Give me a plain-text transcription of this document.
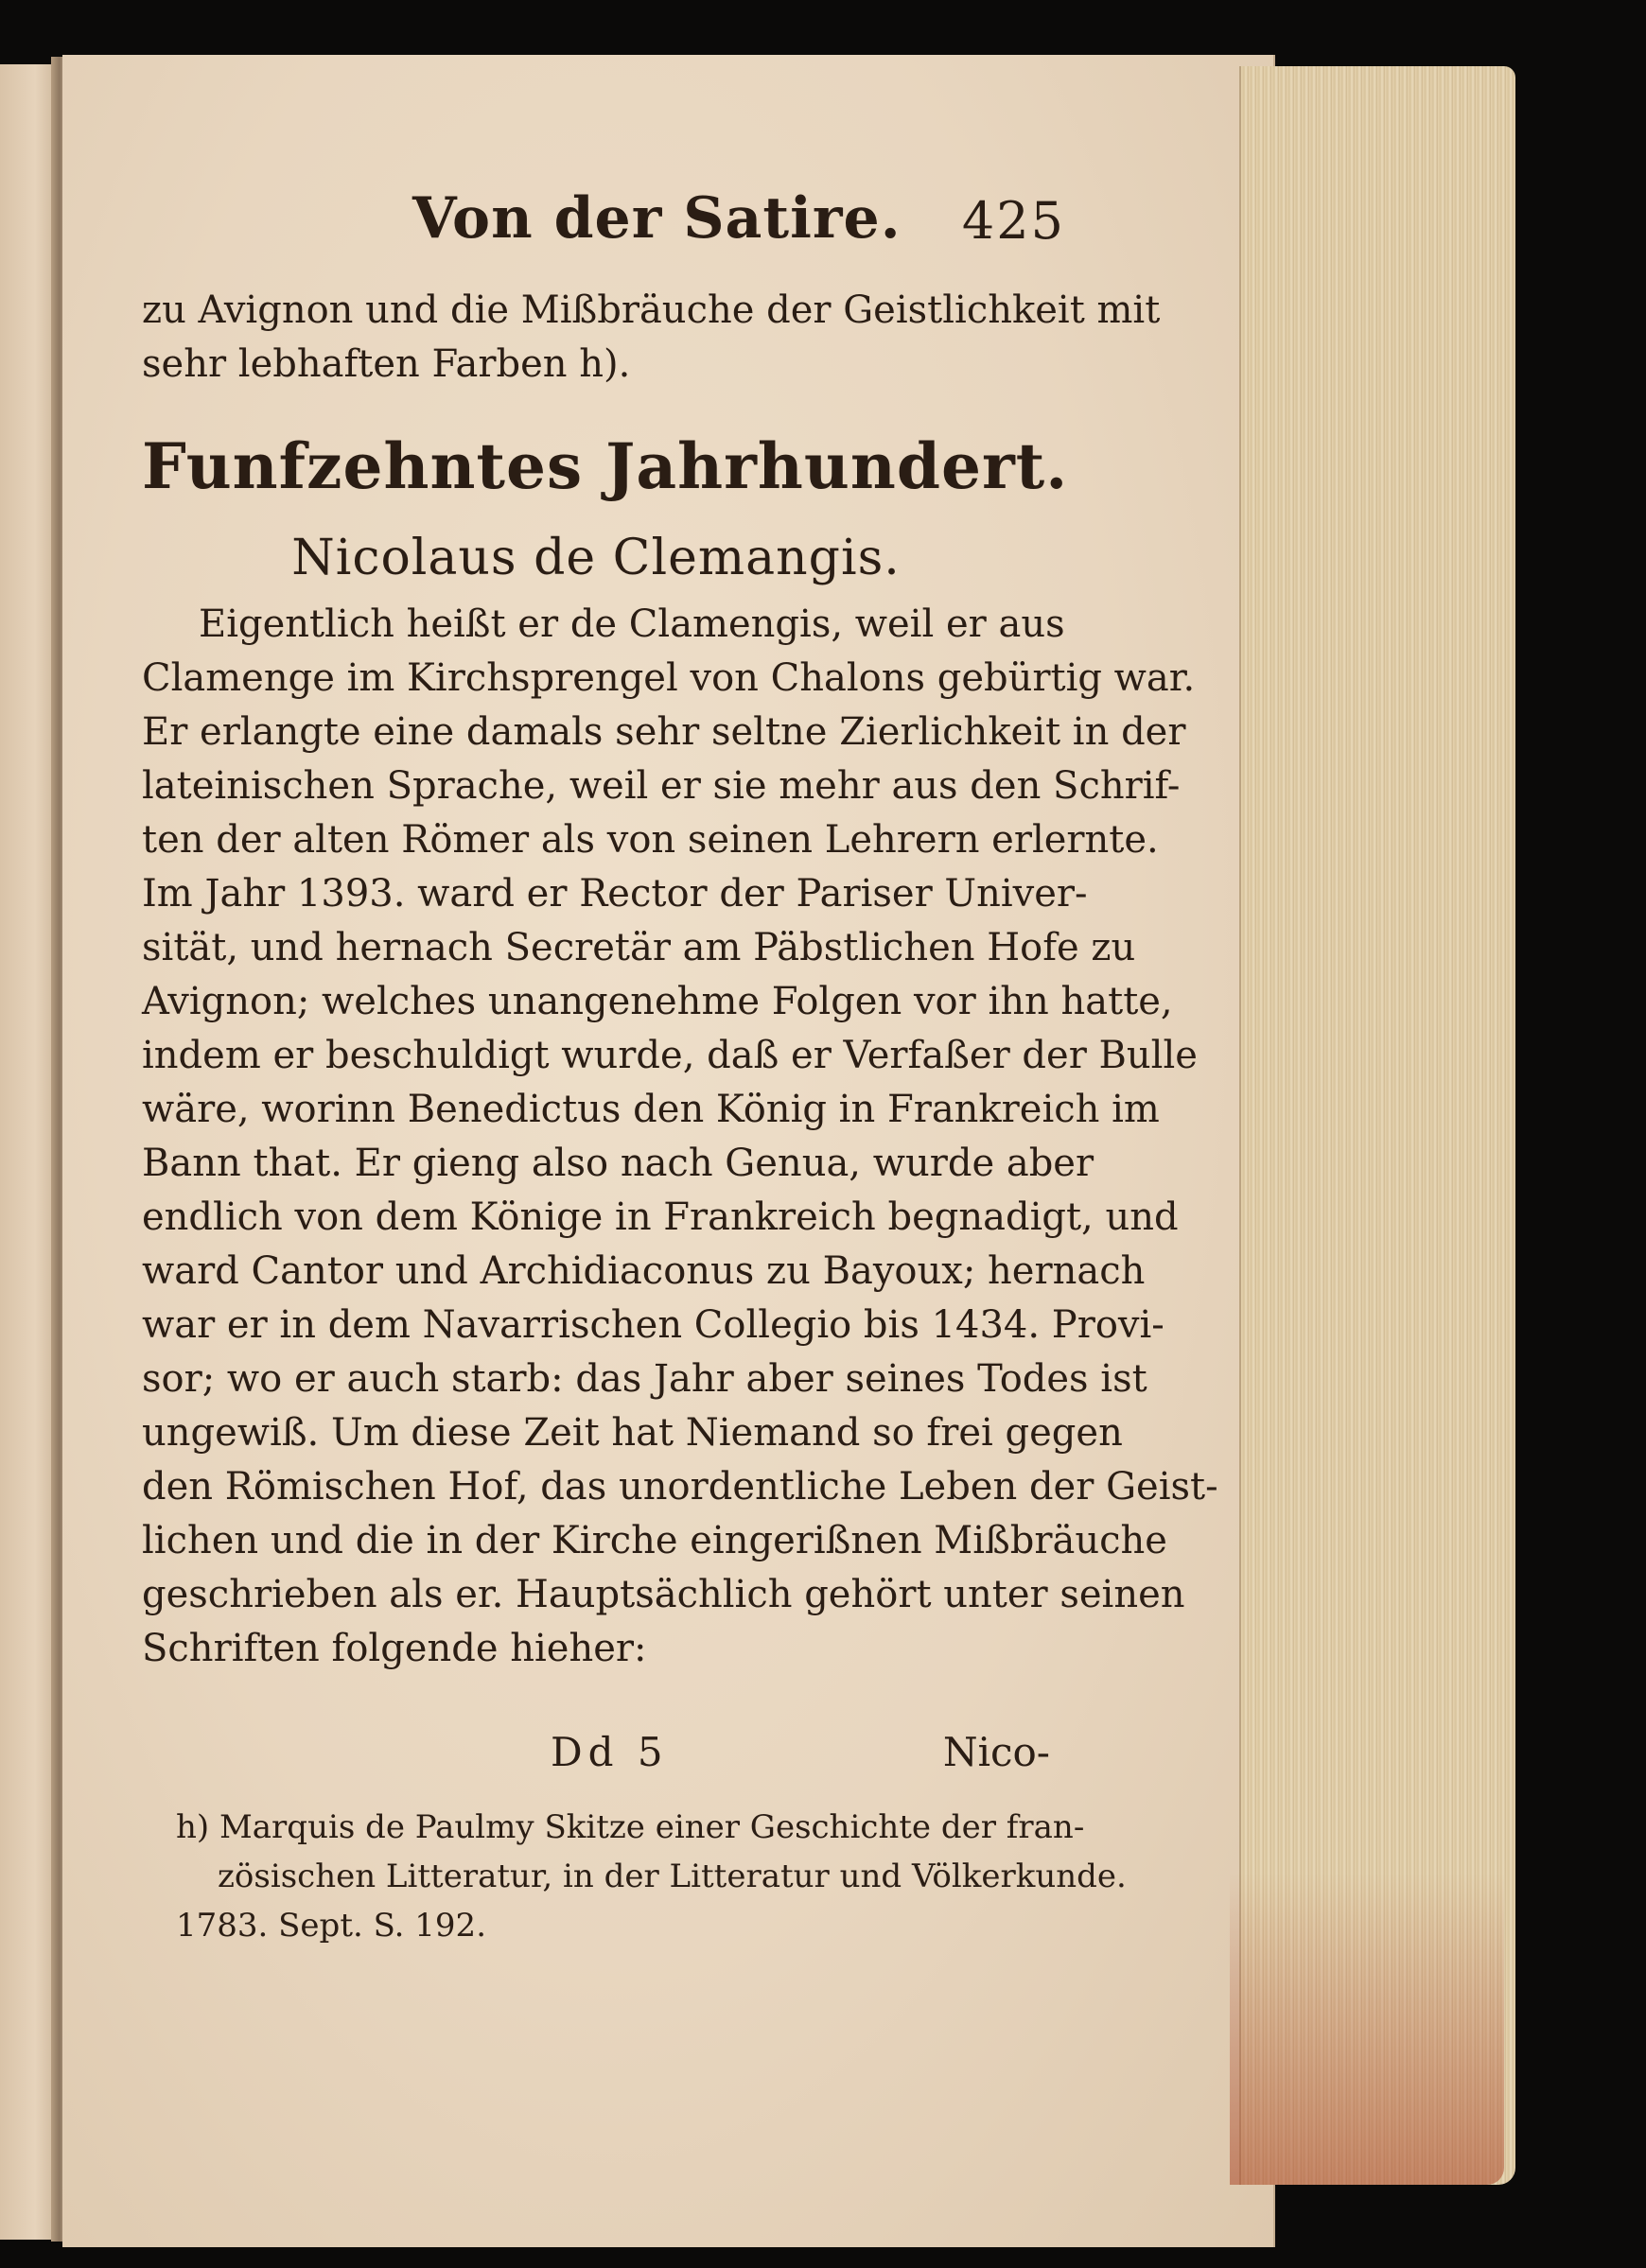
Von der Satire. 425
zu Avignon und die Mißbräuche der Geistlichkeit mit
sehr lebhaften Farben h).
Funfzehntes Jahrhundert.
Nicolaus de Clemangis.
Eigentlich heißt er de Clamengis, weil er aus
Clamenge im Kirchsprengel von Chalons gebürtig war.
Er erlangte eine damals sehr seltne Zierlichkeit in der
lateinischen Sprache, weil er sie mehr aus den Schrif-
ten der alten Römer als von seinen Lehrern erlernte.
Im Jahr 1393. ward er Rector der Pariser Univer-
sität, und hernach Secretär am Päbstlichen Hofe zu
Avignon; welches unangenehme Folgen vor ihn hatte,
indem er beschuldigt wurde, daß er Verfaßer der Bulle
wäre, worinn Benedictus den König in Frankreich im
Bann that. Er gieng also nach Genua, wurde aber
endlich von dem Könige in Frankreich begnadigt, und
ward Cantor und Archidiaconus zu Bayoux; hernach
war er in dem Navarrischen Collegio bis 1434. Provi-
sor; wo er auch starb: das Jahr aber seines Todes ist
ungewiß. Um diese Zeit hat Niemand so frei gegen
den Römischen Hof, das unordentliche Leben der Geist-
lichen und die in der Kirche eingerißnen Mißbräuche
geschrieben als er. Hauptsächlich gehört unter seinen
Schriften folgende hieher:
Dd 5	Nico-
h) Marquis de Paulmy Skitze einer Geschichte der fran-
zösischen Litteratur, in der Litteratur und Völkerkunde.
1783. Sept. S. 192.
